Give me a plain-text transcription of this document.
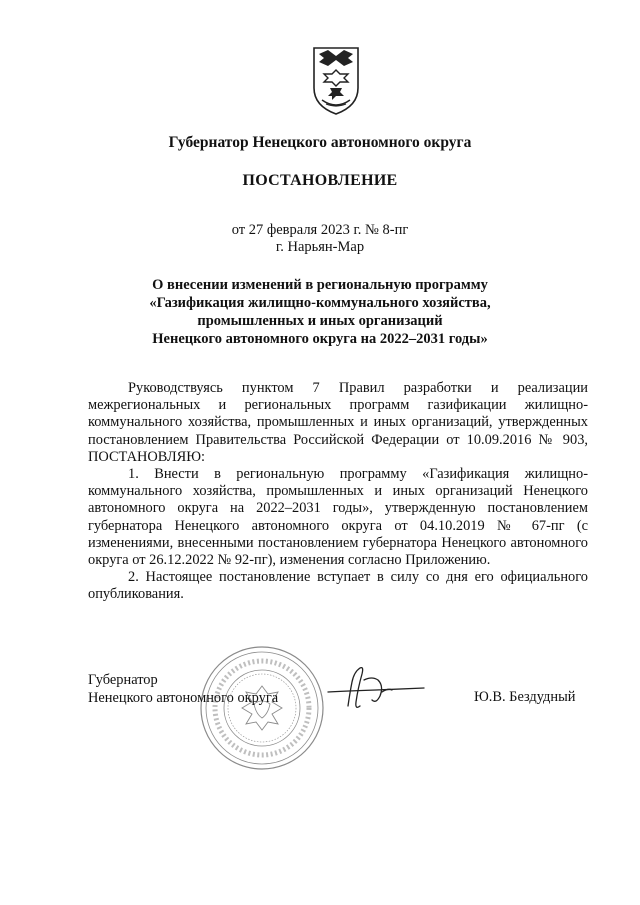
Губернатор Ненецкого автономного округа
ПОСТАНОВЛЕНИЕ
от 27 февраля 2023 г. № 8-пг
г. Нарьян-Мар
О внесении изменений в региональную программу
«Газификация жилищно-коммунального хозяйства,
промышленных и иных организаций
Ненецкого автономного округа на 2022–2031 годы»

Руководствуясь пунктом 7 Правил разработки и реализации межрегиональных и региональных программ газификации жилищно-коммунального хозяйства, промышленных и иных организаций, утвержденных постановлением Правительства Российской Федерации от 10.09.2016 № 903, ПОСТАНОВЛЯЮ:

1. Внести в региональную программу «Газификация жилищно-коммунального хозяйства, промышленных и иных организаций Ненецкого автономного округа на 2022–2031 годы», утвержденную постановлением губернатора Ненецкого автономного округа от 04.10.2019 № 67-пг (с изменениями, внесенными постановлением губернатора Ненецкого автономного округа от 26.12.2022 № 92-пг), изменения согласно Приложению.

2. Настоящее постановление вступает в силу со дня его официального опубликования.

Губернатор
Ненецкого автономного округа	Ю.В. Бездудный
